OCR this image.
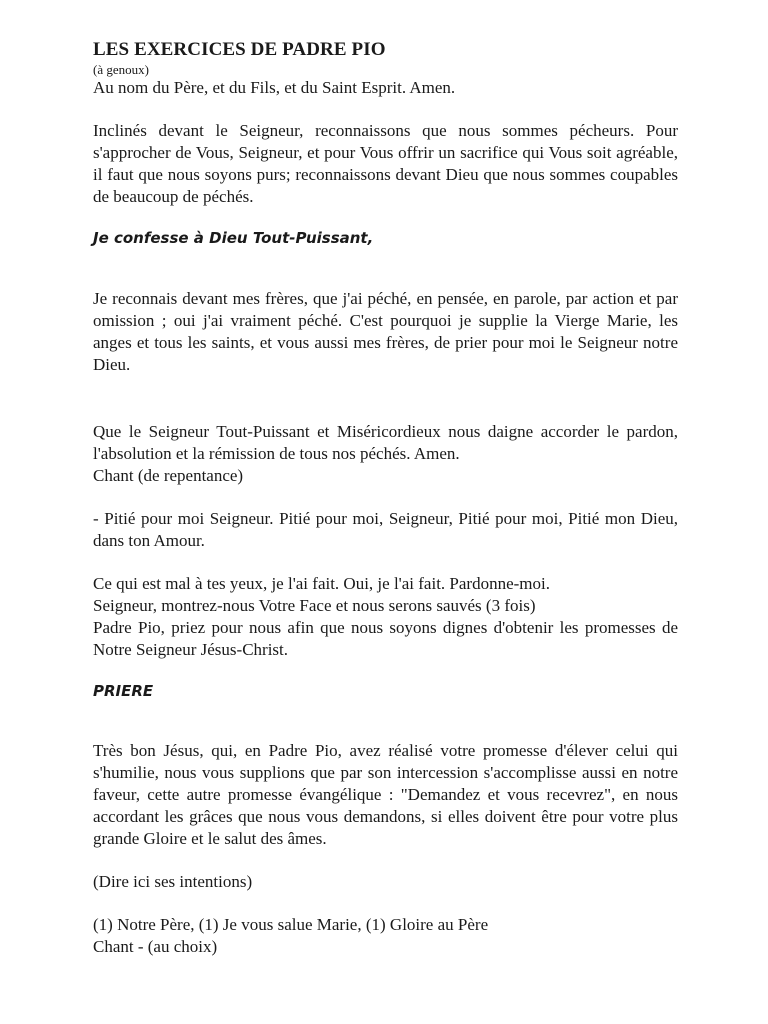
LES EXERCICES DE PADRE PIO
(à genoux)

Au nom du Père, et du Fils, et du Saint Esprit. Amen.

Inclinés devant le Seigneur, reconnaissons que nous sommes pécheurs. Pour s'approcher de Vous, Seigneur, et pour Vous offrir un sacrifice qui Vous soit agréable, il faut que nous soyons purs; reconnaissons devant Dieu que nous sommes coupables de beaucoup de péchés.

Je confesse à Dieu Tout-Puissant,

Je reconnais devant mes frères, que j'ai péché, en pensée, en parole, par action et par omission ; oui j'ai vraiment péché. C'est pourquoi je supplie la Vierge Marie, les anges et tous les saints, et vous aussi mes frères, de prier pour moi le Seigneur notre Dieu.

Que le Seigneur Tout-Puissant et Miséricordieux nous daigne accorder le pardon, l'absolution et la rémission de tous nos péchés. Amen.

Chant (de repentance)

- Pitié pour moi Seigneur. Pitié pour moi, Seigneur, Pitié pour moi, Pitié mon Dieu, dans ton Amour.

Ce qui est mal à tes yeux, je l'ai fait. Oui, je l'ai fait. Pardonne-moi.

Seigneur, montrez-nous Votre Face et nous serons sauvés (3 fois)

Padre Pio, priez pour nous afin que nous soyons dignes d'obtenir les promesses de Notre Seigneur Jésus-Christ.

PRIERE

Très bon Jésus, qui, en Padre Pio, avez réalisé votre promesse d'élever celui qui s'humilie, nous vous supplions que par son intercession s'accomplisse aussi en notre faveur, cette autre promesse évangélique : "Demandez et vous recevrez", en nous accordant les grâces que nous vous demandons, si elles doivent être pour votre plus grande Gloire et le salut des âmes.

(Dire ici ses intentions)

(1) Notre Père, (1) Je vous salue Marie, (1) Gloire au Père

Chant - (au choix)
